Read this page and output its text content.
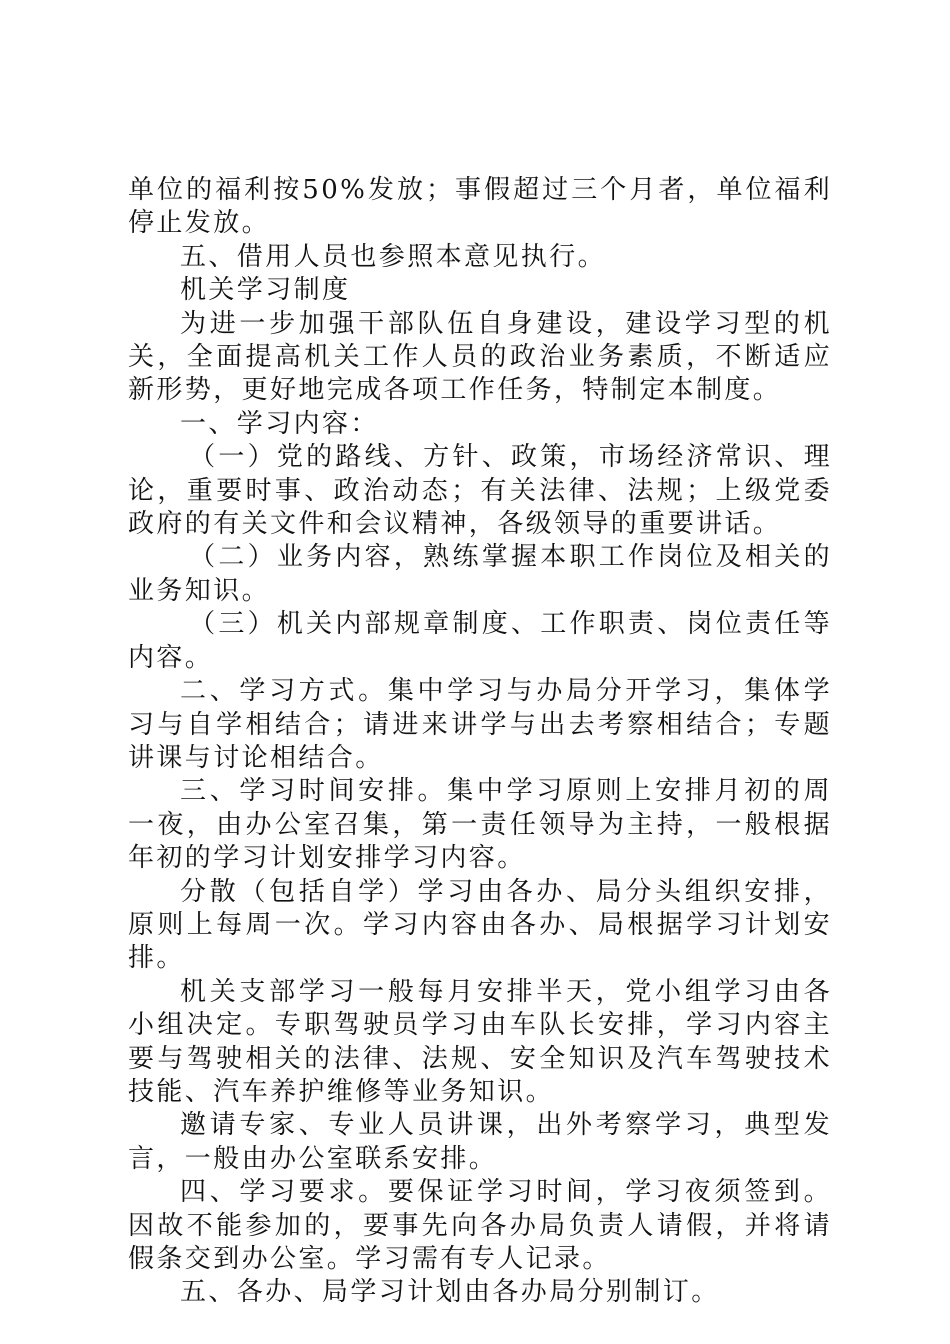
单位的福利按50%发放；事假超过三个月者，单位福利停止发放。

五、借用人员也参照本意见执行。

机关学习制度

为进一步加强干部队伍自身建设，建设学习型的机关，全面提高机关工作人员的政治业务素质，不断适应新形势，更好地完成各项工作任务，特制定本制度。

一、学习内容：

（一）党的路线、方针、政策，市场经济常识、理论，重要时事、政治动态；有关法律、法规；上级党委政府的有关文件和会议精神，各级领导的重要讲话。

（二）业务内容，熟练掌握本职工作岗位及相关的业务知识。

（三）机关内部规章制度、工作职责、岗位责任等内容。

二、学习方式。集中学习与办局分开学习，集体学习与自学相结合；请进来讲学与出去考察相结合；专题讲课与讨论相结合。

三、学习时间安排。集中学习原则上安排月初的周一夜，由办公室召集，第一责任领导为主持，一般根据年初的学习计划安排学习内容。

分散（包括自学）学习由各办、局分头组织安排，原则上每周一次。学习内容由各办、局根据学习计划安排。

机关支部学习一般每月安排半天，党小组学习由各小组决定。专职驾驶员学习由车队长安排，学习内容主要与驾驶相关的法律、法规、安全知识及汽车驾驶技术技能、汽车养护维修等业务知识。

邀请专家、专业人员讲课，出外考察学习，典型发言，一般由办公室联系安排。

四、学习要求。要保证学习时间，学习夜须签到。因故不能参加的，要事先向各办局负责人请假，并将请假条交到办公室。学习需有专人记录。

五、各办、局学习计划由各办局分别制订。
